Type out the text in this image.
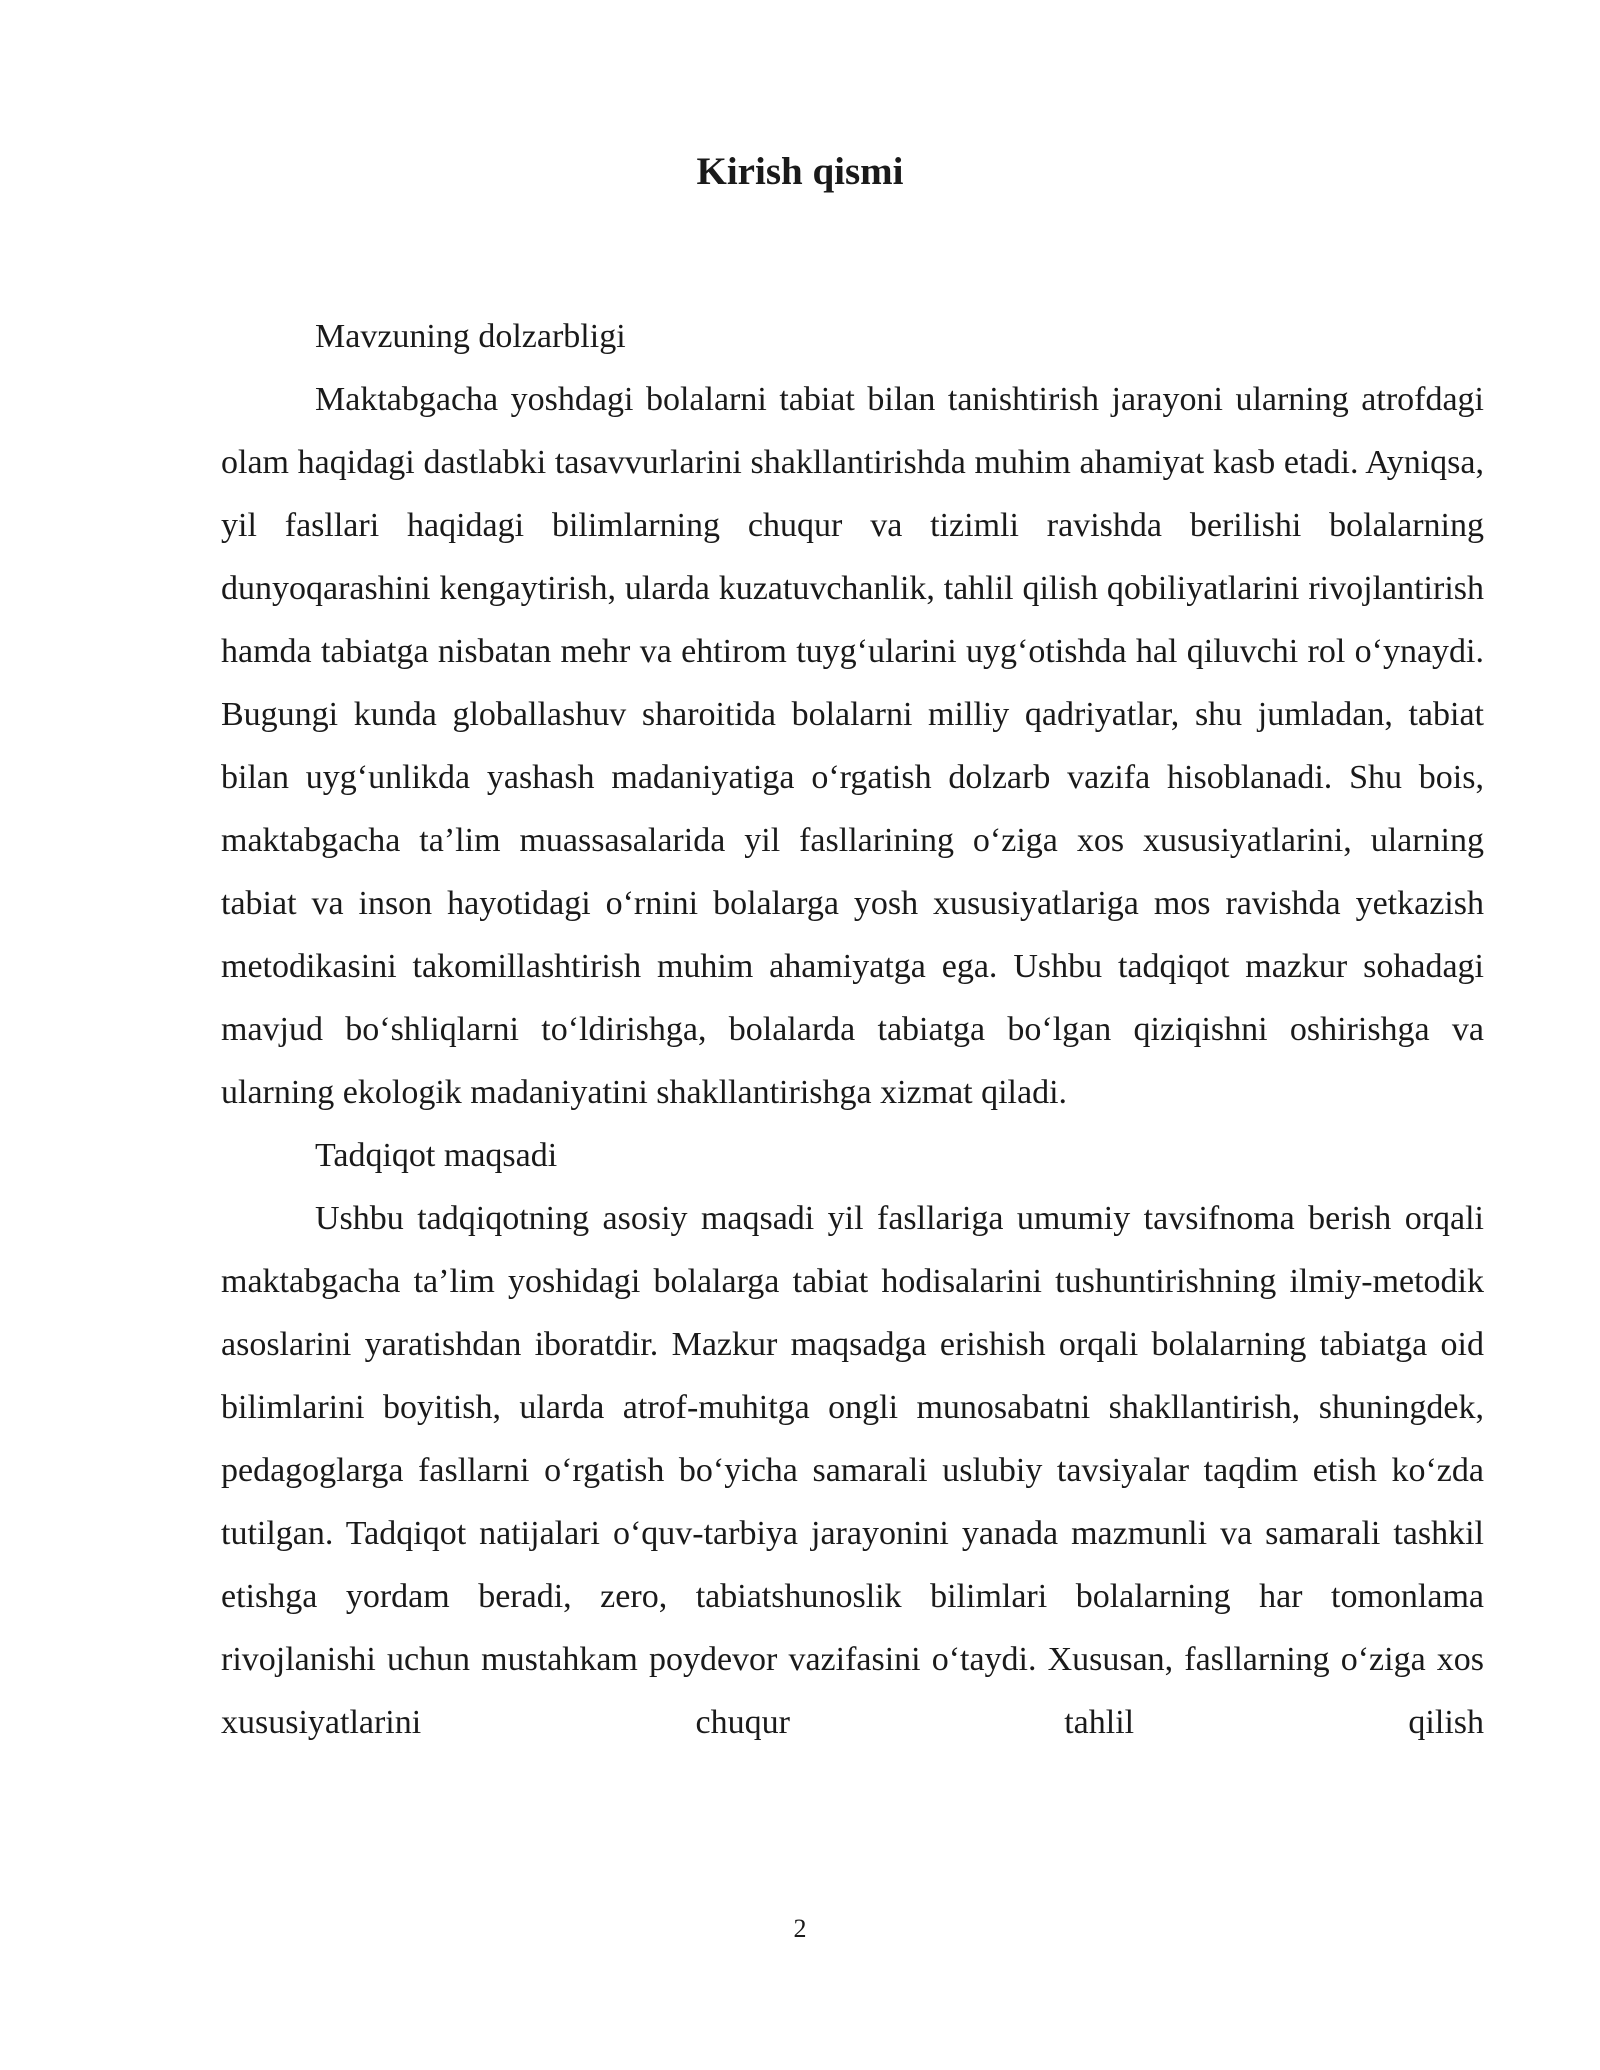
Kirish qismi

Mavzuning dolzarbligi

Maktabgacha yoshdagi bolalarni tabiat bilan tanishtirish jarayoni ularning atrofdagi olam haqidagi dastlabki tasavvurlarini shakllantirishda muhim ahamiyat kasb etadi. Ayniqsa, yil fasllari haqidagi bilimlarning chuqur va tizimli ravishda berilishi bolalarning dunyoqarashini kengaytirish, ularda kuzatuvchanlik, tahlil qilish qobiliyatlarini rivojlantirish hamda tabiatga nisbatan mehr va ehtirom tuyg‘ularini uyg‘otishda hal qiluvchi rol o‘ynaydi. Bugungi kunda globallashuv sharoitida bolalarni milliy qadriyatlar, shu jumladan, tabiat bilan uyg‘unlikda yashash madaniyatiga o‘rgatish dolzarb vazifa hisoblanadi. Shu bois, maktabgacha ta’lim muassasalarida yil fasllarining o‘ziga xos xususiyatlarini, ularning tabiat va inson hayotidagi o‘rnini bolalarga yosh xususiyatlariga mos ravishda yetkazish metodikasini takomillashtirish muhim ahamiyatga ega. Ushbu tadqiqot mazkur sohadagi mavjud bo‘shliqlarni to‘ldirishga, bolalarda tabiatga bo‘lgan qiziqishni oshirishga va ularning ekologik madaniyatini shakllantirishga xizmat qiladi.

Tadqiqot maqsadi

Ushbu tadqiqotning asosiy maqsadi yil fasllariga umumiy tavsifnoma berish orqali maktabgacha ta’lim yoshidagi bolalarga tabiat hodisalarini tushuntirishning ilmiy-metodik asoslarini yaratishdan iboratdir. Mazkur maqsadga erishish orqali bolalarning tabiatga oid bilimlarini boyitish, ularda atrof-muhitga ongli munosabatni shakllantirish, shuningdek, pedagoglarga fasllarni o‘rgatish bo‘yicha samarali uslubiy tavsiyalar taqdim etish ko‘zda tutilgan. Tadqiqot natijalari o‘quv-tarbiya jarayonini yanada mazmunli va samarali tashkil etishga yordam beradi, zero, tabiatshunoslik bilimlari bolalarning har tomonlama rivojlanishi uchun mustahkam poydevor vazifasini o‘taydi. Xususan, fasllarning o‘ziga xos xususiyatlarini chuqur tahlil qilish

2
